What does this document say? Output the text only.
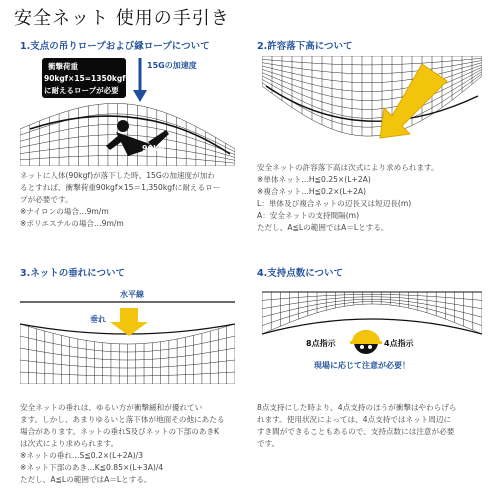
安全ネット 使用の手引き
1.支点の吊りロープおよび縁ロープについて
90kg
15Gの加速度
衝撃荷重
90kgf×15=1350kgf
に耐えるロープが必要
ネットに人体(90kgf)が落下した時、15Gの加速度が加わ
るとすれば、衝撃荷重90kgf×15＝1,350kgfに耐えるロー
プが必要です。
※ナイロンの場合…9m/m
※ポリエステルの場合…9m/m
2.許容落下高について
安全ネットの許容落下高は次式により求められます。
※単体ネット…H≦0.25×(L+2A)
※複合ネット…H≦0.2×(L+2A)
L：単体及び複合ネットの辺長又は短辺長(m)
A：安全ネットの支持間隔(m)
ただし、A≦Lの範囲ではA＝Lとする。
3.ネットの垂れについて
水平線
垂れ
安全ネットの垂れは、ゆるい方が衝撃緩和が優れてい
ます。しかし、あまりゆるいと落下体が地面その他にあたる
場合があります。ネットの垂れS及びネットの下部のあきK
は次式により求められます。
※ネットの垂れ…S≦0.2×(L+2A)/3
※ネット下部のあき…K≦0.85×(L+3A)/4
ただし、A≦Lの範囲ではA＝Lとする。
4.支持点数について
8点指示	4点指示
現場に応じて注意が必要！
8点支持にした時より、4点支持のほうが衝撃はやわらげら
れます。使用状況によっては、4点支持ではネット周辺に
すき間ができることもあるので、支持点数には注意が必要
です。
